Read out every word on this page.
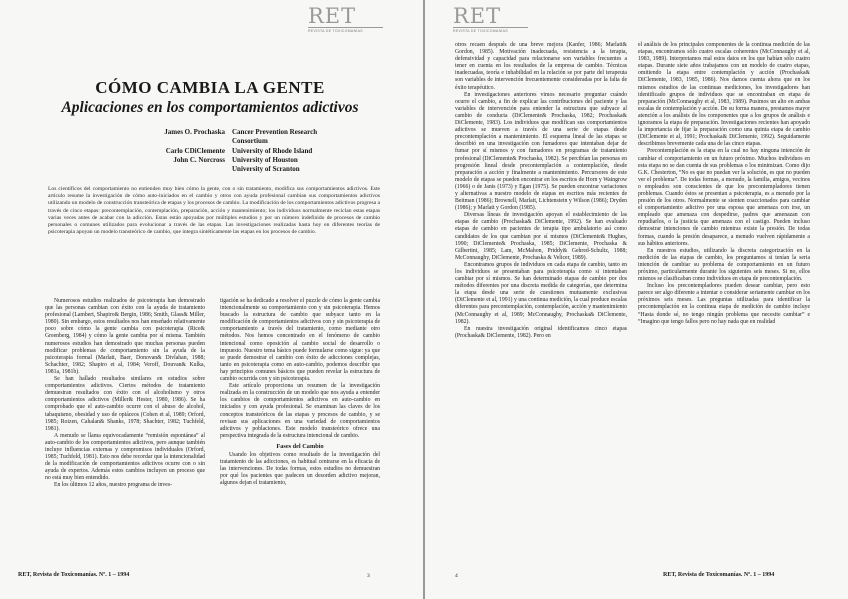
RET
REVISTA DE TOXICOMANÍAS
CÓMO CAMBIA LA GENTE
Aplicaciones en los comportamientos adictivos
James O. Prochaska
Carlo CDiClemente
John C. Norcross
Cancer Prevention Research Consortium
University of Rhode Island
University of Houston
University of Scranton
Los científicos del comportamiento no entienden muy bien cómo la gente, con o sin tratamiento, modifica sus comportamientos adictivos. Este artículo resume la investigación de cómo auto-iniciados en el cambio y otros con ayuda profesional cambian sus comportamientos adictivos utilizando un modelo de construcción transteórica de etapas y los procesos de cambio. La modificación de los comportamientos adictivos progresa a través de cinco etapas: precontemplación, contemplación, preparación, acción y mantenimiento; los individuos normalmente reciclan estas etapas varias veces antes de acabar con la adicción. Estas están apoyadas por múltiples estudios y por un número indefinido de procesos de cambio personales o comunes utilizados para evolucionar a través de las etapas. Las investigaciones realizadas hasta hoy en diferentes teorías de psicoterapia apoyan un modelo transteórico de cambio, que integra sintéticamente las etapas en los procesos de cambio.

Numerosos estudios realizados de psicoterapia han demostrado que las personas cambian con éxito con la ayuda de tratamiento profesional (Lambert, Shapiro& Bergin, 1986; Smith, Glass& Miller, 1980). Sin embargo, estos resultados nos han enseñado relativamente poco sobre cómo la gente cambia con psicoterapia (Rice& Greenberg, 1984) y cómo la gente cambia por sí misma. También numerosos estudios han demostrado que muchas personas pueden modificar problemas de comportamiento sin la ayuda de la psicoterapia formal (Marlatt, Baer, Donovan& Divlahan, 1988; Schachter, 1982; Shapiro et al, 1984; Veroff, Douvan& Kulka, 1981a, 1981b).

Se han hallado resultados similares en estudios sobre comportamientos adictivos. Ciertos métodos de tratamiento demuestran resultados con éxito con el alcoholismo y otros comportamientos adictivos (Miller& Hester, 1980, 1986). Se ha comprobado que el auto-cambio ocurre con el abuso de alcohol, tabaquismo, obesidad y uso de opiáceos (Cohen et al, 1989; Orford, 1985; Roizen, Cahalan& Shanks, 1978; Shachter, 1982; Tuchfeld, 1981).

A menudo se llama equivocadamente “remisión espontánea” al auto-cambio de los comportamientos adictivos, pero aunque también incluye influencias externas y compromisos individuales (Orford, 1985; Tuchfeld, 1981). Esto nos debe recordar que la intencionalidad de la modificación de comportamientos adictivos ocurre con o sin ayuda de expertos. Además estos cambios incluyen un proceso que no está muy bien entendido.

En los últimos 12 años, nuestro programa de inves-

tigación se ha dedicado a resolver el puzzle de cómo la gente cambia intencionalmente su comportamiento con y sin psicoterapia. Hemos buscado la estructura de cambio que subyace tanto en la modificación de comportamientos adictivos con y sin psicoterapia de comportamiento a través del tratamiento, como mediante otro métodos. Nos hemos concentrado en el fenómeno de cambio intencional como oposición al cambio social de desarrollo o impuesto. Nuestro tema básico puede formularse como sigue: ya que se puede demostrar el cambio con éxito de adicciones complejas, tanto en psicoterapia como en auto-cambio, podemos describir que hay principios comunes básicos que pueden revelar la estructura de cambio ocurrida con y sin psicoterapia.

Este artículo proporciona un resumen de la investigación realizada en la construcción de un modelo que nos ayuda a entender los cambios de comportamientos adictivos en auto-cambio en iniciados y con ayuda profesional. Se examinan las claves de los conceptos transteóricos de las etapas y procesos de cambio, y se revisan sus aplicaciones en una variedad de comportamientos adictivos y poblaciones. Este modelo transteórico ofrece una perspectiva integrada de la estructura intencional de cambio.

Fases del Cambio

Usando los objetivos como resultado de la investigación del tratamiento de las adicciones, es habitual centrarse en la eficacia de las intervenciones. De todas formas, estos estudios no demuestran por qué los pacientes que padecen un desorden adictivo mejoran, algunos dejan el tratamiento,

RET, Revista de Toxicomanías. Nº. 1 – 1994	3
RET
REVISTA DE TOXICOMANÍAS

otros recaen después de una breve mejora (Kanfer, 1986; Marlatt& Gordon, 1985). Motivación inadecuada, resistencia a la terapia, defensividad y capacidad para relacionarse son variables frecuentes a tener en cuenta en los resultados de la empresa de cambio. Técnicas inadecuadas, teoría e inhabilidad en la relación se por parte del terapeuta son variables de intervención frecuentemente consideradas por la falta de éxito terapéutico.

En investigaciones anteriores vimos necesario preguntar cuándo ocurre el cambio, a fin de explicar las contribuciones del paciente y las variables de intervención para entender la estructura que subyace al cambio de conducta (DiClemente& Prochaska, 1982; Prochaska& DiClemente, 1983). Los individuos que modifican sus comportamientos adictivos se mueven a través de una serie de etapas desde precontemplación a mantenimiento. El esquema lineal de las etapas se describió en una investigación con fumadores que intentaban dejar de fumar por sí mismos y con fumadores en programas de tratamiento profesional (DiClemente& Prochaska, 1982). Se percibían las personas en progresión lineal desde precontemplación a contemplación, desde preparación a acción y finalmente a mantenimiento. Percursores de este modelo de etapas se pueden encontrar en los escritos de Horn y Waingrow (1966) o de Janis (1973) y Egan (1975). Se pueden encontrar variaciones y alternativas a nuestro modelo de etapas en escritos más recientes de Beitman (1986); Brownell, Marlatt, Lichtenstein y Wilson (1986); Dryden (1986); y Marlatt y Gordon (1985).

Diversas líneas de investigación apoyan el establecimiento de las etapas de cambio (Prochaska& DiClemente, 1992). Se han evaluado etapas de cambio en pacientes de terapia tipo ambulatorio así como candidatos de los que cambian por sí mismos (DiClemente& Hughes, 1990; DiClemente& Prochaska, 1985; DiClemente, Prochaska & Gilbertini, 1985; Lam, McMahon, Priddy& Gehred-Schultz, 1988; McConnaughy, DiClemente, Prochaska & Velicer, 1989).

Encontramos grupos de individuos en cada etapa de cambio, tanto en los individuos se presentaban para psicoterapia como si intentaban cambiar por sí mismos. Se han determinado etapas de cambio por dos métodos diferentes por una discreta medida de categorías, que determina la etapa desde una serie de cuestiones mutuamente exclusivas (DiClemente et al, 1991) y una continua medición, la cual produce escalas diferentes para precontemplación, contemplación, acción y mantenimiento (McConnaughy et al, 1989; McConnaughy, Prochaska& DiClemente, 1982).

En nuestra investigación original identificamos cinco etapas (Prochaska& DiClemente, 1982). Pero en

el análisis de los principales componentes de la continua medición de las etapas, encontramos sólo cuatro escalas coherentes (McConnaughy et al, 1983, 1989). Interpretamos mal estos datos en los que habían sólo cuatro etapas. Durante siete años trabajamos con un modelo de cuatro etapas, omitiendo la etapa entre contemplación y acción (Prochaska& DiClemente, 1983, 1985, 1986). Nos damos cuenta ahora que en los mismos estudios de las continuas mediciones, los investigadores han identificado grupos de individuos que se encontraban en etapa de preparación (McConnaughy et al, 1983, 1989). Pusimos un alto en ambas escalas de contemplación y acción. De su forma manera, prestamos mayor atención a los análisis de los componentes que a los grupos de análisis e ignoramos la etapa de preparación. Investigaciones recientes han apoyado la importancia de fijar la preparación como una quinta etapa de cambio (DiClemente et al, 1991; Prochaska& DiClemente, 1992). Seguidamente describimos brevemente cada una de las cinco etapas.

Precontemplación es la etapa en la cual no hay ninguna intención de cambiar el comportamiento en un futuro próximo. Muchos individuos en esta etapa no se dan cuenta de sus problemas o los minimizan. Como dijo G.K. Chesterton, “No es que no puedan ver la solución, es que no pueden ver el problema”. De todas formas, a menudo, la familia, amigos, vecinos o empleados son conscientes de que los precontempladores tienen problemas. Cuando éstos se presentan a psicoterapia, es a menudo por la presión de los otros. Normalmente se sienten coaccionados para cambiar el comportamiento adictivo por una esposa que amenaza con irse, un empleado que amenaza con despedirse, padres que amenazan con repudiarlos, o la justicia que amenaza con el castigo. Pueden incluso demostrar intenciones de cambio mientras existe la presión. De todas formas, cuando la presión desaparece, a menudo vuelven rápidamente a sus hábitos anteriores.

En nuestros estudios, utilizando la discreta categorización en la medición de las etapas de cambio, los preguntamos si tenían la seria intención de cambiar su problema de comportamiento en un futuro próximo, particularmente durante los siguientes seis meses. Si no, ellos mismos se clasificaban como individuos en etapa de precontemplación.

Incluso los precontempladores pueden desear cambiar, pero esto parece ser algo diferente a intentar o considerar seriamente cambiar en los próximos seis meses. Las preguntas utilizadas para identificar la precontemplación en la continua etapa de medición de cambio incluye “Hasta donde sé, no tengo ningún problema que necesite cambiar” e “Imagino que tengo fallos pero no hay nada que en realidad

4	RET, Revista de Toxicomanías. Nº. 1 – 1994
